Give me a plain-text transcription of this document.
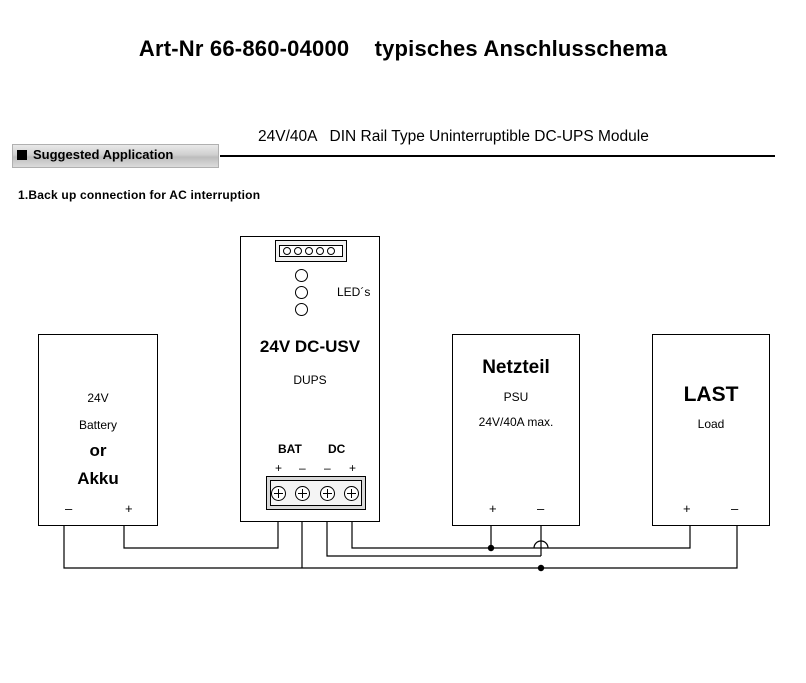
Art-Nr 66-860-04000    typisches Anschlusschema
24V/40A   DIN Rail Type Uninterruptible DC-UPS Module
Suggested Application
1.Back up connection for AC interruption
24V
Battery
or
Akku
–	+
LED´s
24V DC-USV
DUPS
BAT DC
+ – – +
Netzteil
PSU
24V/40A max.
+	–
LAST
Load
+	–
